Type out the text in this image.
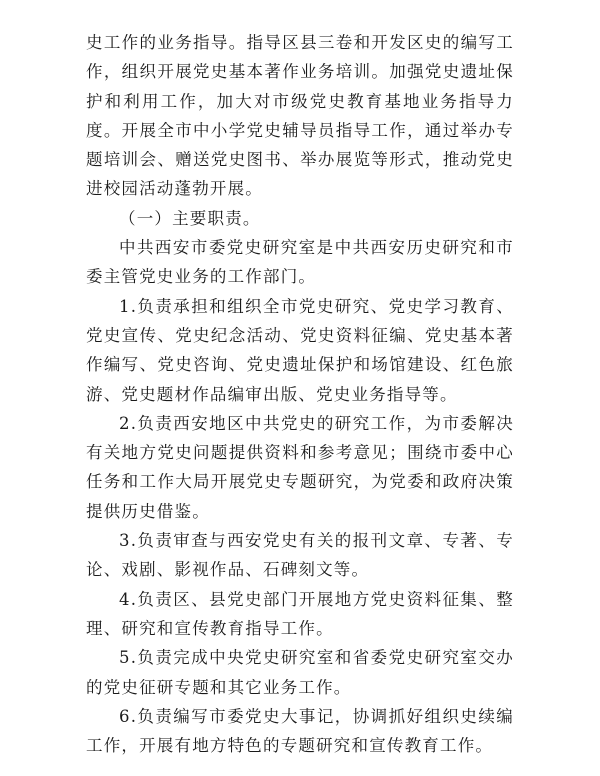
史工作的业务指导。指导区县三卷和开发区史的编写工作，组织开展党史基本著作业务培训。加强党史遗址保护和利用工作，加大对市级党史教育基地业务指导力度。开展全市中小学党史辅导员指导工作，通过举办专题培训会、赠送党史图书、举办展览等形式，推动党史进校园活动蓬勃开展。

（一）主要职责。

中共西安市委党史研究室是中共西安历史研究和市委主管党史业务的工作部门。

1.负责承担和组织全市党史研究、党史学习教育、党史宣传、党史纪念活动、党史资料征编、党史基本著作编写、党史咨询、党史遗址保护和场馆建设、红色旅游、党史题材作品编审出版、党史业务指导等。

2.负责西安地区中共党史的研究工作，为市委解决有关地方党史问题提供资料和参考意见；围绕市委中心任务和工作大局开展党史专题研究，为党委和政府决策提供历史借鉴。

3.负责审查与西安党史有关的报刊文章、专著、专论、戏剧、影视作品、石碑刻文等。

4.负责区、县党史部门开展地方党史资料征集、整理、研究和宣传教育指导工作。

5.负责完成中央党史研究室和省委党史研究室交办的党史征研专题和其它业务工作。

6.负责编写市委党史大事记，协调抓好组织史续编工作，开展有地方特色的专题研究和宣传教育工作。
